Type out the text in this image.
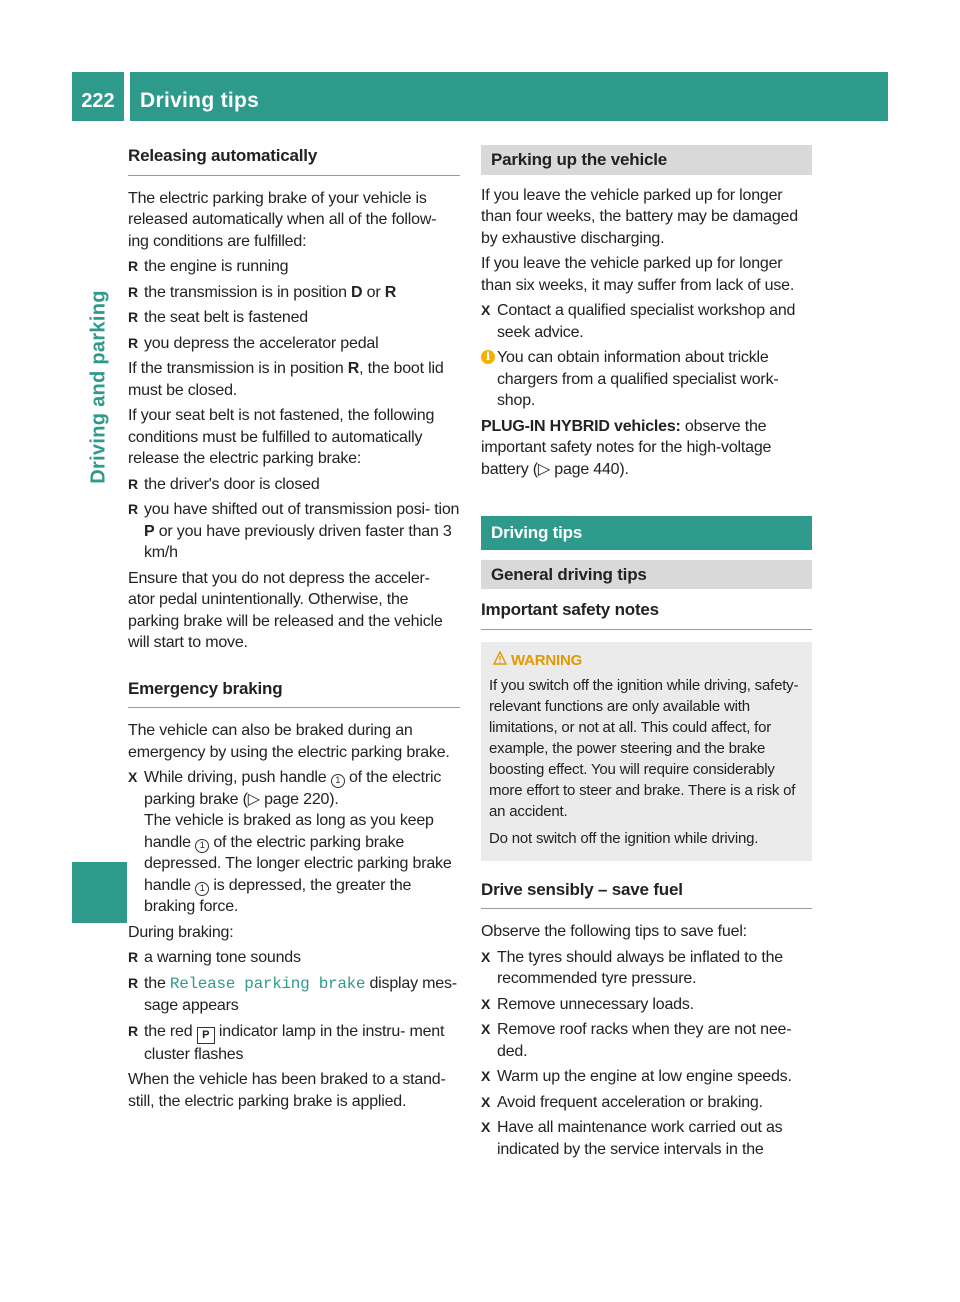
222	Driving tips
Driving and parking
Releasing automatically

The electric parking brake of your vehicle is released automatically when all of the follow- ing conditions are fulfilled:

R the engine is running
R the transmission is in position D or R
R the seat belt is fastened
R you depress the accelerator pedal

If the transmission is in position R, the boot lid must be closed.

If your seat belt is not fastened, the following conditions must be fulfilled to automatically release the electric parking brake:

R the driver's door is closed
R you have shifted out of transmission posi- tion P or you have previously driven faster than 3 km/h

Ensure that you do not depress the acceler- ator pedal unintentionally. Otherwise, the parking brake will be released and the vehicle will start to move.

Emergency braking

The vehicle can also be braked during an emergency by using the electric parking brake.

X While driving, push handle 1 of the electric parking brake (▷ page 220).
The vehicle is braked as long as you keep handle 1 of the electric parking brake depressed. The longer electric parking brake handle 1 is depressed, the greater the braking force.

During braking:

R a warning tone sounds
R the Release parking brake display mes- sage appears
R the red P indicator lamp in the instru- ment cluster flashes

When the vehicle has been braked to a stand- still, the electric parking brake is applied.

Parking up the vehicle

If you leave the vehicle parked up for longer than four weeks, the battery may be damaged by exhaustive discharging.

If you leave the vehicle parked up for longer than six weeks, it may suffer from lack of use.

X Contact a qualified specialist workshop and seek advice.
i You can obtain information about trickle chargers from a qualified specialist work- shop.

PLUG-IN HYBRID vehicles: observe the important safety notes for the high-voltage battery (▷ page 440).

Driving tips
General driving tips
Important safety notes
WARNING

If you switch off the ignition while driving, safety-relevant functions are only available with limitations, or not at all. This could affect, for example, the power steering and the brake boosting effect. You will require considerably more effort to steer and brake. There is a risk of an accident.

Do not switch off the ignition while driving.

Drive sensibly – save fuel

Observe the following tips to save fuel:

X The tyres should always be inflated to the recommended tyre pressure.
X Remove unnecessary loads.
X Remove roof racks when they are not nee- ded.
X Warm up the engine at low engine speeds.
X Avoid frequent acceleration or braking.
X Have all maintenance work carried out as indicated by the service intervals in the
